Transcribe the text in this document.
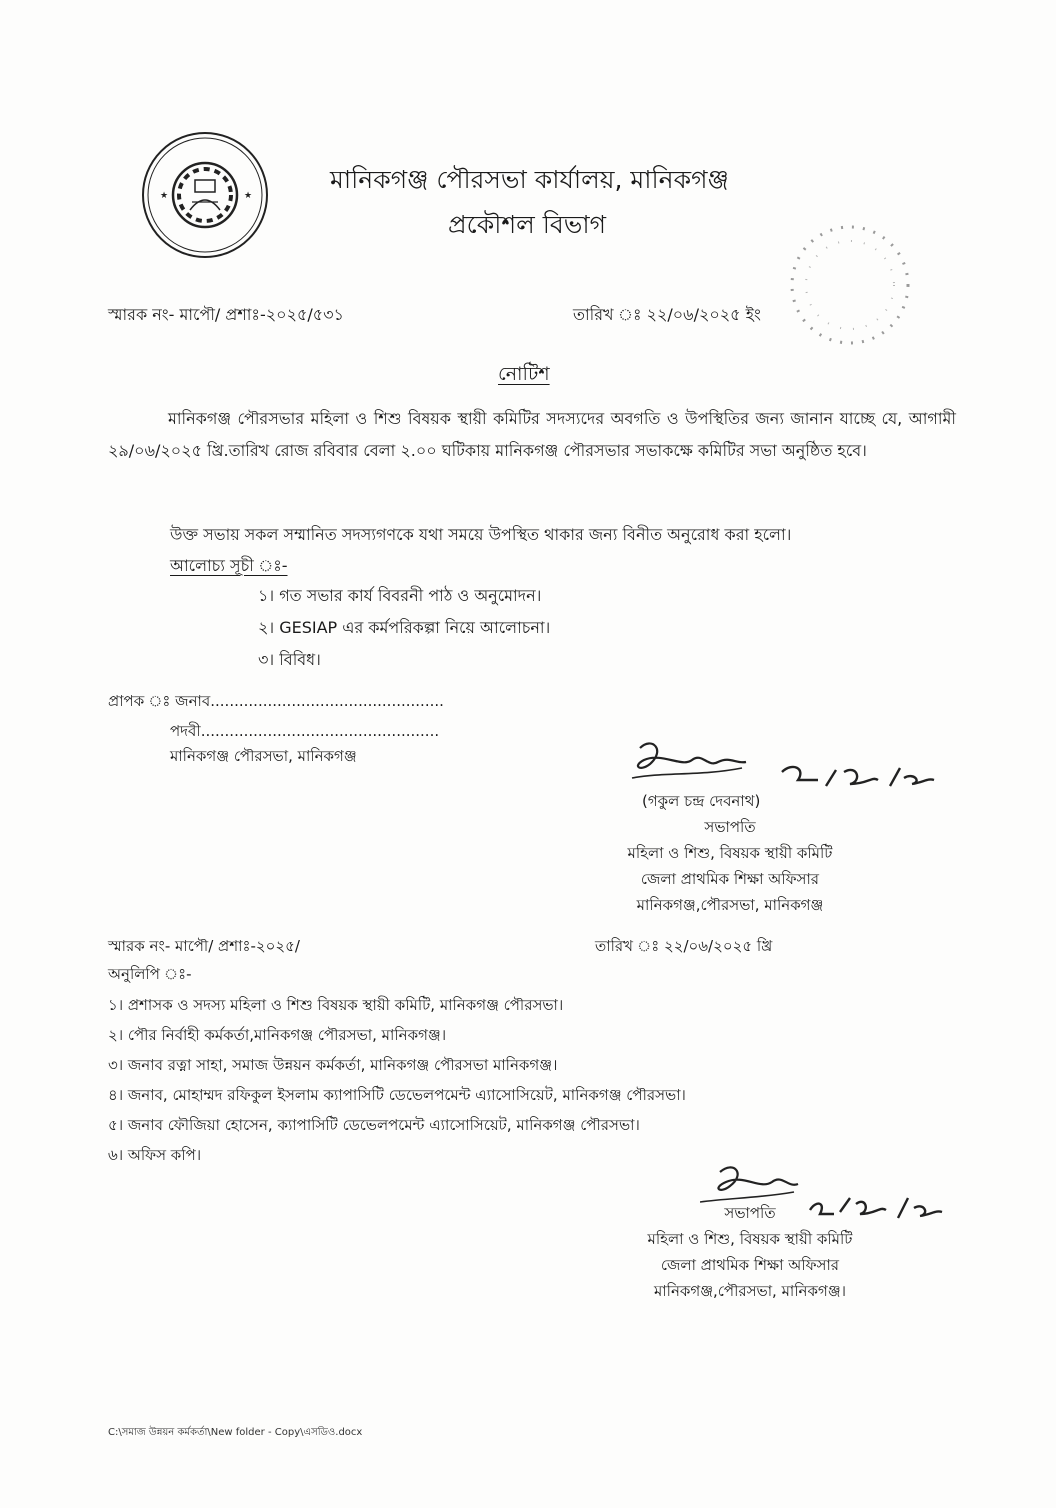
★	★
মানিকগঞ্জ পৌরসভা কার্যালয়, মানিকগঞ্জ
প্রকৌশল বিভাগ
স্মারক নং- মাপৌ/ প্রশাঃ-২০২৫/৫৩১	তারিখ ঃ ২২/০৬/২০২৫ ইং
নোটিশ
মানিকগঞ্জ পৌরসভার মহিলা ও শিশু বিষয়ক স্থায়ী কমিটির সদস্যদের অবগতি ও উপস্থিতির জন্য জানান যাচ্ছে যে, আগামী ২৯/০৬/২০২৫ খ্রি.তারিখ রোজ রবিবার বেলা ২.০০ ঘটিকায় মানিকগঞ্জ পৌরসভার সভাকক্ষে কমিটির সভা অনুষ্ঠিত হবে।
উক্ত সভায় সকল সম্মানিত সদস্যগণকে যথা সময়ে উপস্থিত থাকার জন্য বিনীত অনুরোধ করা হলো।
আলোচ্য সূচী ঃ-
১। গত সভার কার্য বিবরনী পাঠ ও অনুমোদন।
২। GESIAP এর কর্মপরিকল্পা নিয়ে আলোচনা।
৩। বিবিধ।
প্রাপক ঃ জনাব.................................................
পদবী..................................................
মানিকগঞ্জ পৌরসভা, মানিকগঞ্জ
(গকুল চন্দ্র দেবনাথ)
সভাপতি
মহিলা ও শিশু, বিষয়ক স্থায়ী কমিটি
জেলা প্রাথমিক শিক্ষা অফিসার
মানিকগঞ্জ,পৌরসভা, মানিকগঞ্জ
স্মারক নং- মাপৌ/ প্রশাঃ-২০২৫/	তারিখ ঃ ২২/০৬/২০২৫ খ্রি
অনুলিপি ঃ-
১। প্রশাসক ও সদস্য মহিলা ও শিশু বিষয়ক স্থায়ী কমিটি, মানিকগঞ্জ পৌরসভা।
২। পৌর নির্বাহী কর্মকর্তা,মানিকগঞ্জ পৌরসভা, মানিকগঞ্জ।
৩। জনাব রত্না সাহা, সমাজ উন্নয়ন কর্মকর্তা, মানিকগঞ্জ পৌরসভা মানিকগঞ্জ।
৪। জনাব, মোহাম্মদ রফিকুল ইসলাম ক্যাপাসিটি ডেভেলপমেন্ট এ্যাসোসিয়েট, মানিকগঞ্জ পৌরসভা।
৫। জনাব ফৌজিয়া হোসেন, ক্যাপাসিটি ডেভেলপমেন্ট এ্যাসোসিয়েট, মানিকগঞ্জ পৌরসভা।
৬। অফিস কপি।
সভাপতি
মহিলা ও শিশু, বিষয়ক স্থায়ী কমিটি
জেলা প্রাথমিক শিক্ষা অফিসার
মানিকগঞ্জ,পৌরসভা, মানিকগঞ্জ।
C:\সমাজ উন্নয়ন কর্মকর্তা\New folder - Copy\এসডিও.docx
